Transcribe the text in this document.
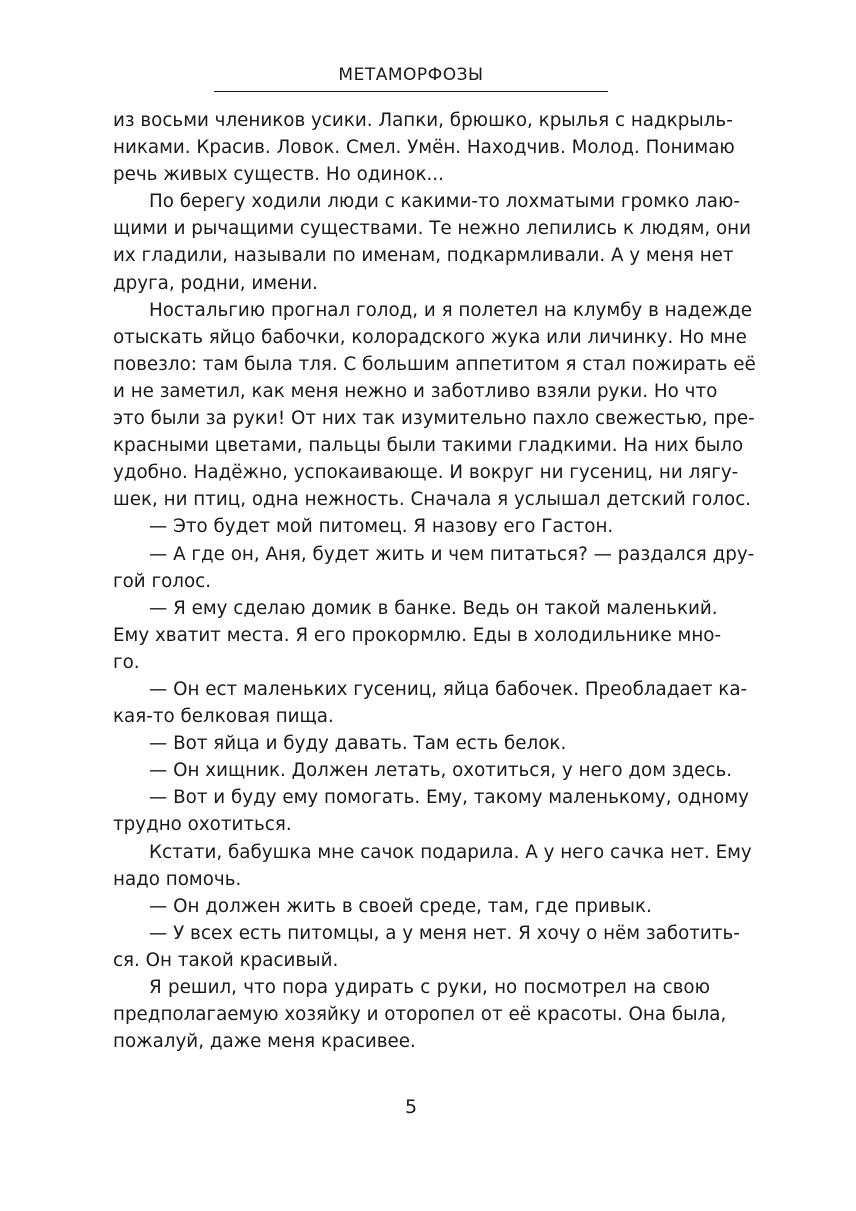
МЕТАМОРФОЗЫ
из восьми члеников усики. Лапки, брюшко, крылья с надкрыль-
никами. Красив. Ловок. Смел. Умён. Находчив. Молод. Понимаю
речь живых существ. Но одинок...
По берегу ходили люди с какими-то лохматыми громко лаю-
щими и рычащими существами. Те нежно лепились к людям, они
их гладили, называли по именам, подкармливали. А у меня нет
друга, родни, имени.
Ностальгию прогнал голод, и я полетел на клумбу в надежде
отыскать яйцо бабочки, колорадского жука или личинку. Но мне
повезло: там была тля. С большим аппетитом я стал пожирать её
и не заметил, как меня нежно и заботливо взяли руки. Но что
это были за руки! От них так изумительно пахло свежестью, пре-
красными цветами, пальцы были такими гладкими. На них было
удобно. Надёжно, успокаивающе. И вокруг ни гусениц, ни лягу-
шек, ни птиц, одна нежность. Сначала я услышал детский голос.
— Это будет мой питомец. Я назову его Гастон.
— А где он, Аня, будет жить и чем питаться? — раздался дру-
гой голос.
— Я ему сделаю домик в банке. Ведь он такой маленький.
Ему хватит места. Я его прокормлю. Еды в холодильнике мно-
го.
— Он ест маленьких гусениц, яйца бабочек. Преобладает ка-
кая-то белковая пища.
— Вот яйца и буду давать. Там есть белок.
— Он хищник. Должен летать, охотиться, у него дом здесь.
— Вот и буду ему помогать. Ему, такому маленькому, одному
трудно охотиться.
Кстати, бабушка мне сачок подарила. А у него сачка нет. Ему
надо помочь.
— Он должен жить в своей среде, там, где привык.
— У всех есть питомцы, а у меня нет. Я хочу о нём заботить-
ся. Он такой красивый.
Я решил, что пора удирать с руки, но посмотрел на свою
предполагаемую хозяйку и оторопел от её красоты. Она была,
пожалуй, даже меня красивее.
5
